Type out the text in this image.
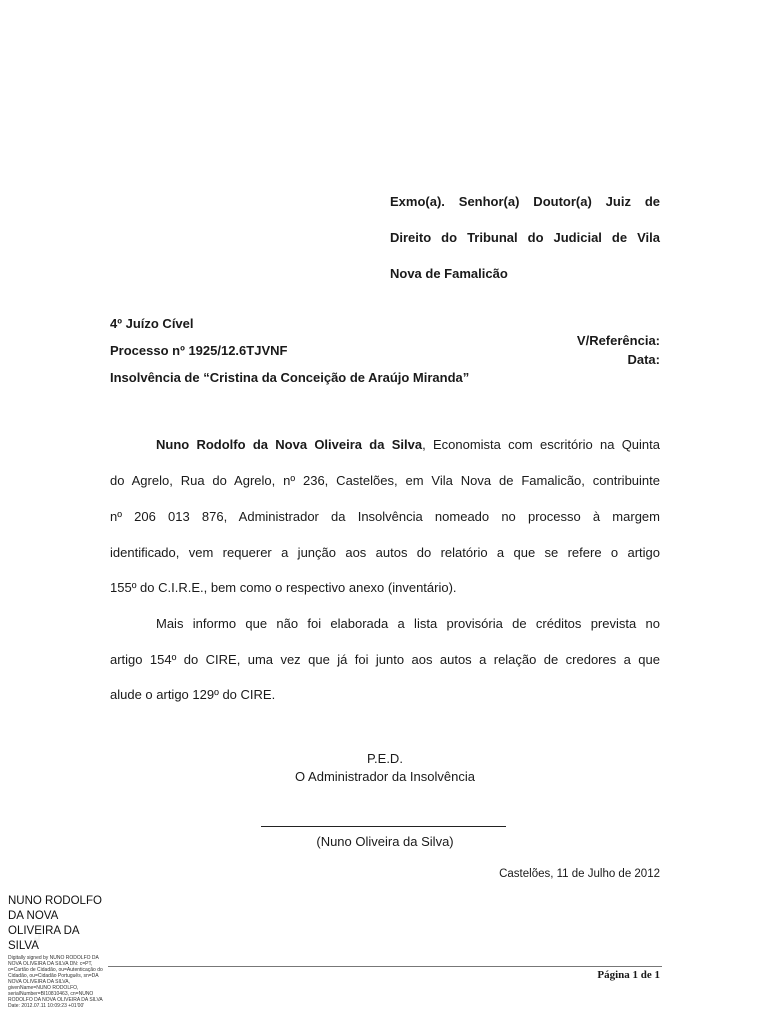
Exmo(a). Senhor(a) Doutor(a) Juiz de
Direito do Tribunal do Judicial de Vila
Nova de Famalicão
4º Juízo Cível
Processo nº 1925/12.6TJVNF
Insolvência de “Cristina da Conceição de Araújo Miranda”
V/Referência:
Data:
Nuno Rodolfo da Nova Oliveira da Silva, Economista com escritório na Quinta
do Agrelo, Rua do Agrelo, nº 236, Castelões, em Vila Nova de Famalicão, contribuinte
nº 206 013 876, Administrador da Insolvência nomeado no processo à margem
identificado, vem requerer a junção aos autos do relatório a que se refere o artigo
155º do C.I.R.E., bem como o respectivo anexo (inventário).
Mais informo que não foi elaborada a lista provisória de créditos prevista no
artigo 154º do CIRE, uma vez que já foi junto aos autos a relação de credores a que
alude o artigo 129º do CIRE.
P.E.D.
O Administrador da Insolvência
(Nuno Oliveira da Silva)
Castelões, 11 de Julho de 2012
NUNO RODOLFO DA NOVA OLIVEIRA DA SILVA
Digitally signed by NUNO RODOLFO DA NOVA OLIVEIRA DA SILVA DN: c=PT, o=Cartão de Cidadão, ou=Autenticação do Cidadão, ou=Cidadão Português, sn=DA NOVA OLIVEIRA DA SILVA, givenName=NUNO RODOLFO, serialNumber=BI10810463, cn=NUNO RODOLFO DA NOVA OLIVEIRA DA SILVA Date: 2012.07.11 10:09:23 +01'00'
Página 1 de 1
